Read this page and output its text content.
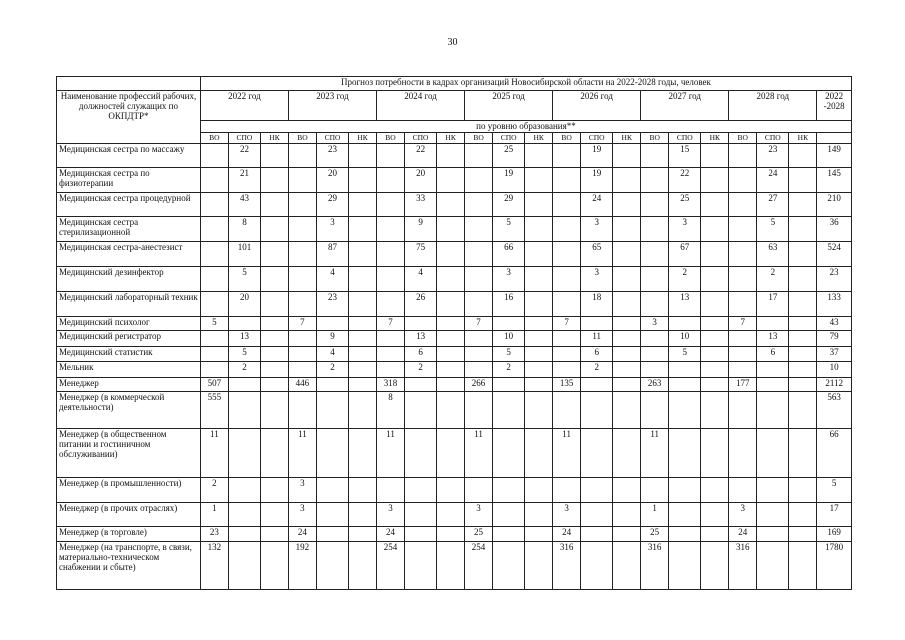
30
	Прогноз потребности в кадрах организаций Новосибирской области на 2022-2028 годы, человек																					
Наименование профессий рабочих, должностей служащих по ОКПДТР*	2022 год			2023 год			2024 год			2025 год			2026 год			2027 год			2028 год			2022 -2028
	по уровню образования**																					
	ВО	СПО	НК	ВО	СПО	НК	ВО	СПО	НК	ВО	СПО	НК	ВО	СПО	НК	ВО	СПО	НК	ВО	СПО	НК	
Медицинская сестра по массажу		22			23			22			25			19			15			23		149
Медицинская сестра по физиотерапии		21			20			20			19			19			22			24		145
Медицинская сестра процедурной		43			29			33			29			24			25			27		210
Медицинская сестра стерилизационной		8			3			9			5			3			3			5		36
Медицинская сестра-анестезист		101			87			75			66			65			67			63		524
Медицинский дезинфектор		5			4			4			3			3			2			2		23
Медицинский лабораторный техник		20			23			26			16			18			13			17		133
Медицинский психолог	5			7			7			7			7			3			7			43
Медицинский регистратор		13			9			13			10			11			10			13		79
Медицинский статистик		5			4			6			5			6			5			6		37
Мельник		2			2			2			2			2								10
Менеджер	507			446			318			266			135			263			177			2112
Менеджер (в коммерческой деятельности)	555						8															563
Менеджер (в общественном питании и гостиничном обслуживании)	11			11			11			11			11			11						66
Менеджер (в промышленности)	2			3																		5
Менеджер (в прочих отраслях)	1			3			3			3			3			1			3			17
Менеджер (в торговле)	23			24			24			25			24			25			24			169
Менеджер (на транспорте, в связи, материально-техническом снабжении и сбыте)	132			192			254			254			316			316			316			1780
